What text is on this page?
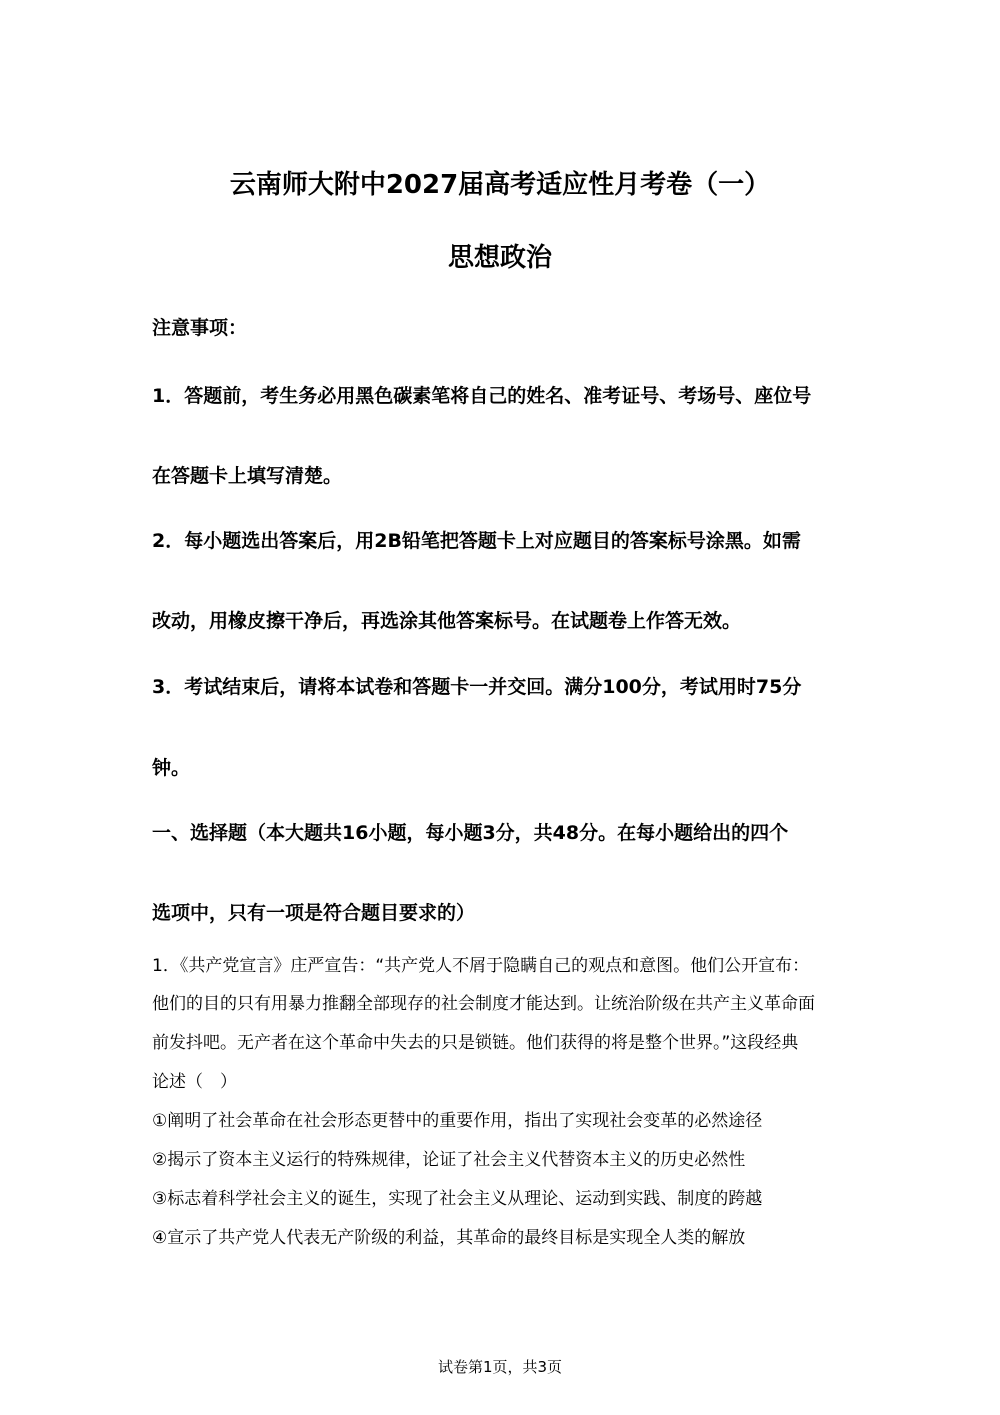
云南师大附中2027届高考适应性月考卷（一）
思想政治

注意事项：

1．答题前，考生务必用黑色碳素笔将自己的姓名、准考证号、考场号、座位号

在答题卡上填写清楚。

2．每小题选出答案后，用2B铅笔把答题卡上对应题目的答案标号涂黑。如需

改动，用橡皮擦干净后，再选涂其他答案标号。在试题卷上作答无效。

3．考试结束后，请将本试卷和答题卡一并交回。满分100分，考试用时75分

钟。

一、选择题（本大题共16小题，每小题3分，共48分。在每小题给出的四个

选项中，只有一项是符合题目要求的）

1．《共产党宣言》庄严宣告：“共产党人不屑于隐瞒自己的观点和意图。他们公开宣布：

他们的目的只有用暴力推翻全部现存的社会制度才能达到。让统治阶级在共产主义革命面

前发抖吧。无产者在这个革命中失去的只是锁链。他们获得的将是整个世界。”这段经典

论述（　）

①阐明了社会革命在社会形态更替中的重要作用，指出了实现社会变革的必然途径

②揭示了资本主义运行的特殊规律，论证了社会主义代替资本主义的历史必然性

③标志着科学社会主义的诞生，实现了社会主义从理论、运动到实践、制度的跨越

④宣示了共产党人代表无产阶级的利益，其革命的最终目标是实现全人类的解放

试卷第1页，共3页
